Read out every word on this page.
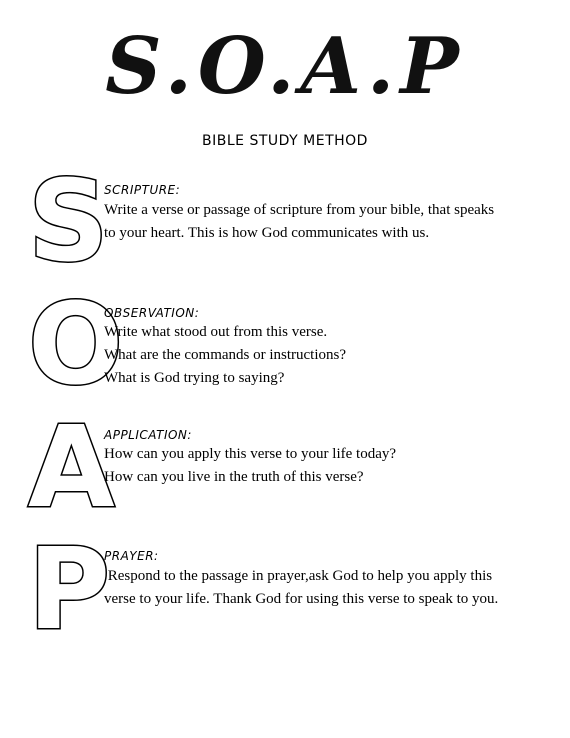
S.O.A.P
BIBLE STUDY METHOD
S
SCRIPTURE:

Write a verse or passage of scripture from your bible, that speaks
to your heart. This is how God communicates with us.

O
OBSERVATION:

Write what stood out from this verse.
What are the commands or instructions?
What is God trying to saying?

A
APPLICATION:

How can you apply this verse to your life today?
How can you live in the truth of this verse?

P
PRAYER:

Respond to the passage in prayer,ask God to help you apply this
verse to your life. Thank God for using this verse to speak to you.
